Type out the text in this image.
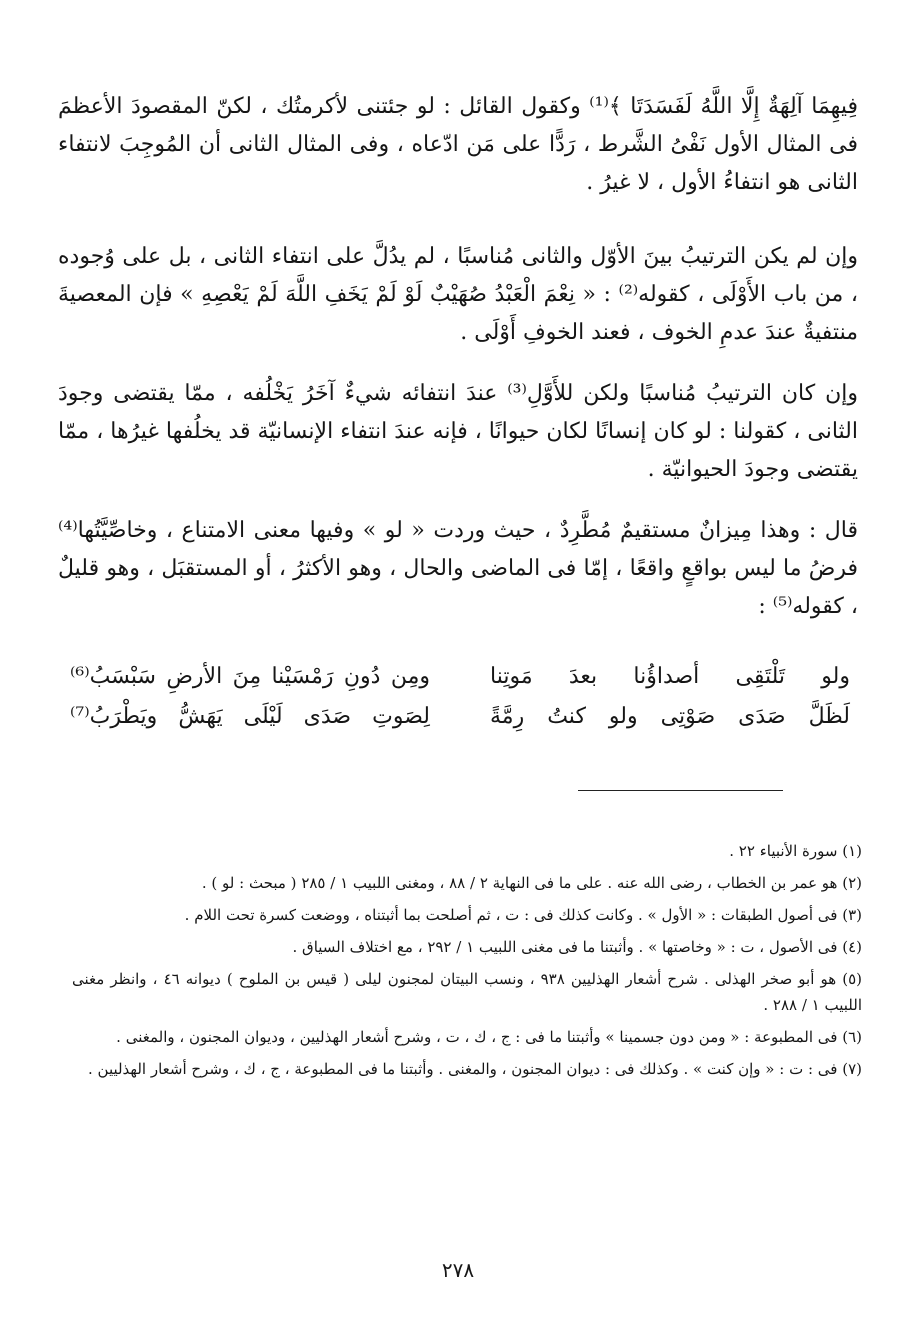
فِيهِمَا آلِهَةٌ إِلَّا اللَّهُ لَفَسَدَتَا ﴾⁽¹⁾ وكقول القائل : لو جئتنى لأكرمتُك ، لكنّ المقصودَ الأعظمَ فى المثال الأول نَفْىُ الشَّرط ، رَدًّا على مَن ادّعاه ، وفى المثال الثانى أن المُوجِبَ لانتفاء الثانى هو انتفاءُ الأول ، لا غيرُ .

وإن لم يكن الترتيبُ بينَ الأوّل والثانى مُناسبًا ، لم يدُلَّ على انتفاء الثانى ، بل على وُجوده ، من باب الأَوْلَى ، كقوله⁽²⁾ : « نِعْمَ الْعَبْدُ صُهَيْبٌ لَوْ لَمْ يَخَفِ اللَّهَ لَمْ يَعْصِهِ » فإن المعصيةَ منتفيةٌ عندَ عدمِ الخوف ، فعند الخوفِ أَوْلَى .

وإن كان الترتيبُ مُناسبًا ولكن للأَوَّلِ⁽³⁾ عندَ انتفائه شيءٌ آخَرُ يَخْلُفه ، ممّا يقتضى وجودَ الثانى ، كقولنا : لو كان إنسانًا لكان حيوانًا ، فإنه عندَ انتفاء الإنسانيّة قد يخلُفها غيرُها ، ممّا يقتضى وجودَ الحيوانيّة .

قال : وهذا مِيزانٌ مستقيمٌ مُطَّرِدٌ ، حيث وردت « لو » وفيها معنى الامتناع ، وخاصِّيَّتُها⁽⁴⁾ فرضُ ما ليس بواقعٍ واقعًا ، إمّا فى الماضى والحال ، وهو الأكثرُ ، أو المستقبَل ، وهو قليلٌ ، كقوله⁽⁵⁾ :

ولو تَلْتَقِى أصداؤُنا بعدَ مَوتِنا
ومِن دُونِ رَمْسَيْنا مِنَ الأرضِ سَبْسَبُ⁽⁶⁾
لَظَلَّ صَدَى صَوْتِى ولو كنتُ رِمَّةً
لِصَوتِ صَدَى لَيْلَى يَهَشُّ ويَطْرَبُ⁽⁷⁾
(١) سورة الأنبياء ٢٢ .
(٢) هو عمر بن الخطاب ، رضى الله عنه . على ما فى النهاية ٢ / ٨٨ ، ومغنى اللبيب ١ / ٢٨٥ ( مبحث : لو ) .
(٣) فى أصول الطبقات : « الأول » . وكانت كذلك فى : ت ، ثم أصلحت بما أثبتناه ، ووضعت كسرة تحت اللام .
(٤) فى الأصول ، ت : « وخاصتها » . وأثبتنا ما فى مغنى اللبيب ١ / ٢٩٢ ، مع اختلاف السياق .
(٥) هو أبو صخر الهذلى . شرح أشعار الهذليين ٩٣٨ ، ونسب البيتان لمجنون ليلى ( قيس بن الملوح ) ديوانه ٤٦ ، وانظر مغنى اللبيب ١ / ٢٨٨ .
(٦) فى المطبوعة : « ومن دون جسمينا » وأثبتنا ما فى : ج ، ك ، ت ، وشرح أشعار الهذليين ، وديوان المجنون ، والمغنى .
(٧) فى : ت : « وإن كنت » . وكذلك فى : ديوان المجنون ، والمغنى . وأثبتنا ما فى المطبوعة ، ج ، ك ، وشرح أشعار الهذليين .
٢٧٨
